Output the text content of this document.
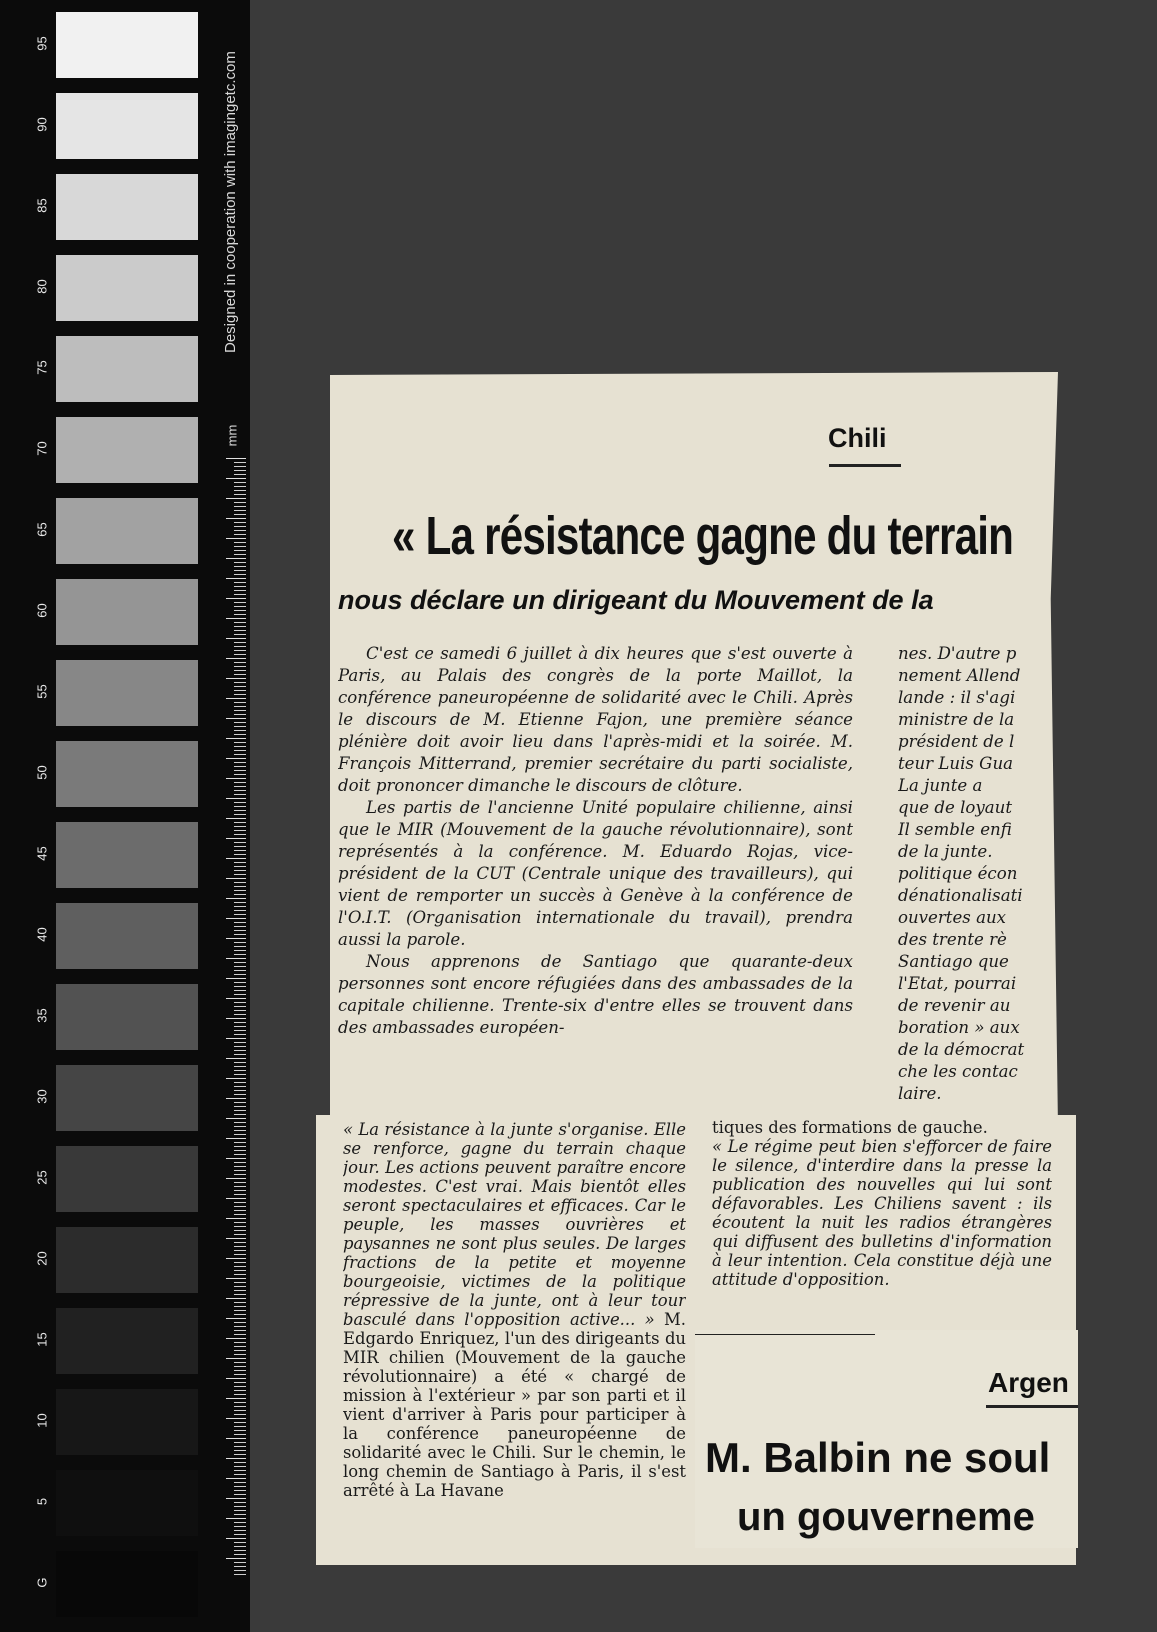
95
90
85
80
75
70
65
60
55
50
45
40
35
30
25
20
15
10
5
G
Designed in cooperation with imagingetc.com
mm	Chili
« La résistance gagne du terrain
nous déclare un dirigeant du Mouvement de la

C'est ce samedi 6 juillet à dix heures que s'est ouverte à Paris, au Palais des congrès de la porte Maillot, la conférence paneuropéenne de solidarité avec le Chili. Après le discours de M. Etienne Fajon, une première séance plénière doit avoir lieu dans l'après-midi et la soirée. M. François Mitterrand, premier secrétaire du parti socialiste, doit prononcer dimanche le discours de clôture.

Les partis de l'ancienne Unité populaire chilienne, ainsi que le MIR (Mouvement de la gauche révolutionnaire), sont représentés à la conférence. M. Eduardo Rojas, vice-président de la CUT (Centrale unique des travailleurs), qui vient de remporter un succès à Genève à la conférence de l'O.I.T. (Organisation internationale du travail), prendra aussi la parole.

Nous apprenons de Santiago que quarante-deux personnes sont encore réfugiées dans des ambassades de la capitale chilienne. Trente-six d'entre elles se trouvent dans des ambassades européen-

nes. D'autre p
nement Allend
lande : il s'agi
ministre de la
président de l
teur Luis Gua
La junte a
que de loyaut
Il semble enfi
de la junte.
politique écon
dénationalisati
ouvertes aux
des trente rè
Santiago que
l'Etat, pourrai
de revenir au
boration » aux
de la démocrat
che les contac
laire.

« La résistance à la junte s'organise. Elle se renforce, gagne du terrain chaque jour. Les actions peuvent paraître encore modestes. C'est vrai. Mais bientôt elles seront spectaculaires et efficaces. Car le peuple, les masses ouvrières et paysannes ne sont plus seules. De larges fractions de la petite et moyenne bourgeoisie, victimes de la politique répressive de la junte, ont à leur tour basculé dans l'opposition active... » M. Edgardo Enriquez, l'un des dirigeants du MIR chilien (Mouvement de la gauche révolutionnaire) a été « chargé de mission à l'extérieur » par son parti et il vient d'arriver à Paris pour participer à la conférence paneuropéenne de solidarité avec le Chili. Sur le chemin, le long chemin de Santiago à Paris, il s'est arrêté à La Havane

tiques des formations de gauche.
« Le régime peut bien s'efforcer de faire le silence, d'interdire dans la presse la publication des nouvelles qui lui sont défavorables. Les Chiliens savent : ils écoutent la nuit les radios étrangères qui diffusent des bulletins d'information à leur intention. Cela constitue déjà une attitude d'opposition.

Argen
M. Balbin ne soul
un gouverneme
